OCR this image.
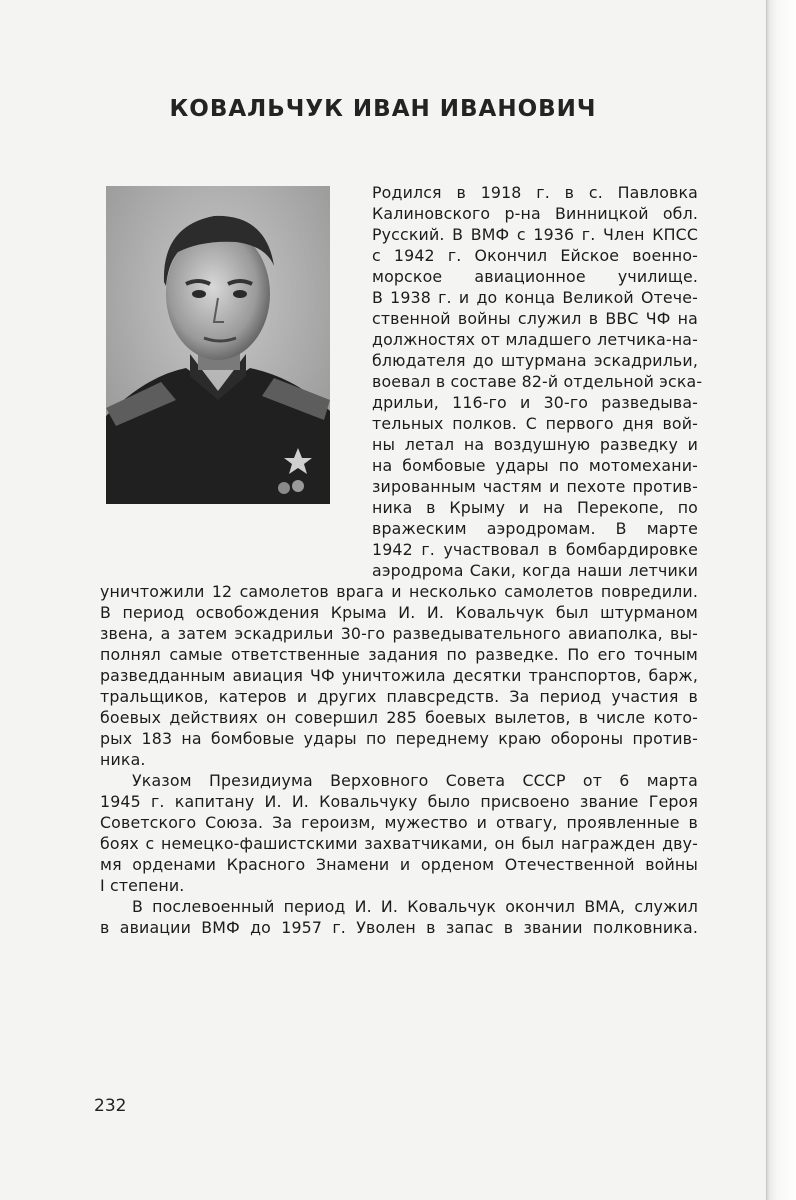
КОВАЛЬЧУК ИВАН ИВАНОВИЧ
Родился в 1918 г. в с. Павловка
Калиновского р-на Винницкой обл.
Русский. В ВМФ с 1936 г. Член КПСС
с 1942 г. Окончил Ейское военно-
морское авиационное училище.
В 1938 г. и до конца Великой Отече-
ственной войны служил в ВВС ЧФ на
должностях от младшего летчика-на-
блюдателя до штурмана эскадрильи,
воевал в составе 82-й отдельной эска-
дрильи, 116-го и 30-го разведыва-
тельных полков. С первого дня вой-
ны летал на воздушную разведку и
на бомбовые удары по мотомехани-
зированным частям и пехоте против-
ника в Крыму и на Перекопе, по
вражеским аэродромам. В марте
1942 г. участвовал в бомбардировке
аэродрома Саки, когда наши летчики
уничтожили 12 самолетов врага и несколько самолетов повредили.
В период освобождения Крыма И. И. Ковальчук был штурманом
звена, а затем эскадрильи 30-го разведывательного авиаполка, вы-
полнял самые ответственные задания по разведке. По его точным
разведданным авиация ЧФ уничтожила десятки транспортов, барж,
тральщиков, катеров и других плавсредств. За период участия в
боевых действиях он совершил 285 боевых вылетов, в числе кото-
рых 183 на бомбовые удары по переднему краю обороны против-
ника.
Указом Президиума Верховного Совета СССР от 6 марта
1945 г. капитану И. И. Ковальчуку было присвоено звание Героя
Советского Союза. За героизм, мужество и отвагу, проявленные в
боях с немецко-фашистскими захватчиками, он был награжден дву-
мя орденами Красного Знамени и орденом Отечественной войны
I степени.
В послевоенный период И. И. Ковальчук окончил ВМА, служил
в авиации ВМФ до 1957 г. Уволен в запас в звании полковника.
232
